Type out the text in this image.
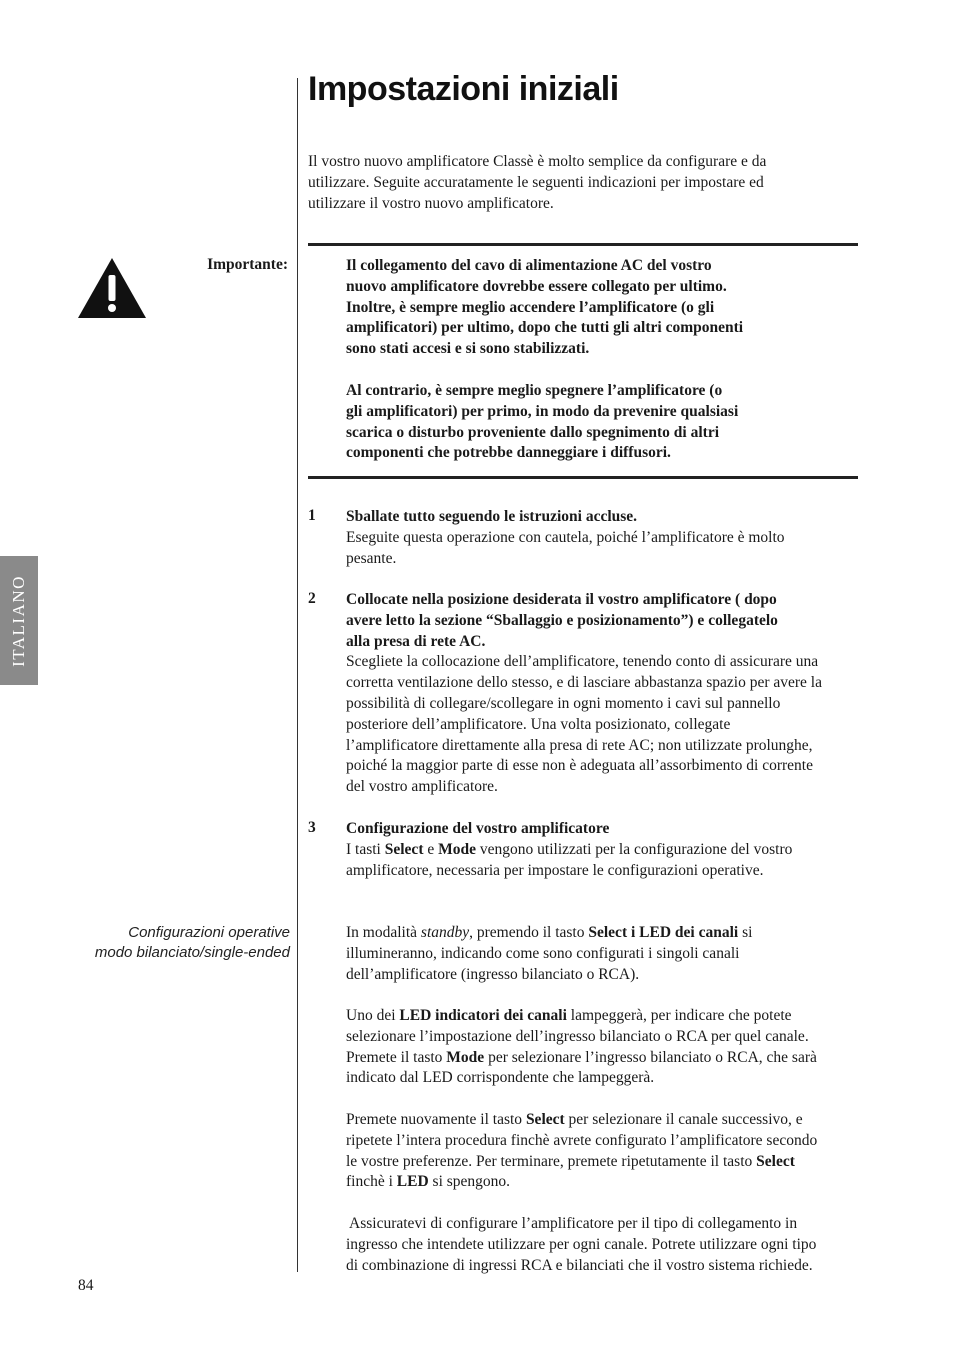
Impostazioni iniziali

Il vostro nuovo amplificatore Classè è molto semplice da configurare e da
utilizzare. Seguite accuratamente le seguenti indicazioni per impostare ed
utilizzare il vostro nuovo amplificatore.

Importante:	Il collegamento del cavo di alimentazione AC del vostro
nuovo amplificatore dovrebbe essere collegato per ultimo.
Inoltre, è sempre meglio accendere l’amplificatore (o gli
amplificatori) per ultimo, dopo che tutti gli altri componenti
sono stati accesi e si sono stabilizzati.

Al contrario, è sempre meglio spegnere l’amplificatore (o
gli amplificatori) per primo, in modo da prevenire qualsiasi
scarica o disturbo proveniente dallo spegnimento di altri
componenti che potrebbe danneggiare i diffusori.

1 Sballate tutto seguendo le istruzioni accluse.
Eseguite questa operazione con cautela, poiché l’amplificatore è molto
pesante.

2 Collocate nella posizione desiderata il vostro amplificatore ( dopo
avere letto la sezione “Sballaggio e posizionamento”) e collegatelo
alla presa di rete AC.
Scegliete la collocazione dell’amplificatore, tenendo conto di assicurare una
corretta ventilazione dello stesso, e di lasciare abbastanza spazio per avere la
possibilità di collegare/scollegare in ogni momento i cavi sul pannello
posteriore dell’amplificatore. Una volta posizionato, collegate
l’amplificatore direttamente alla presa di rete AC; non utilizzate prolunghe,
poiché la maggior parte di esse non è adeguata all’assorbimento di corrente
del vostro amplificatore.

3 Configurazione del vostro amplificatore
I tasti Select e Mode vengono utilizzati per la configurazione del vostro
amplificatore, necessaria per impostare le configurazioni operative.

Configurazioni operative
modo bilanciato/single-ended

In modalità standby, premendo il tasto Select i LED dei canali si
illumineranno, indicando come sono configurati i singoli canali
dell’amplificatore (ingresso bilanciato o RCA).

Uno dei LED indicatori dei canali lampeggerà, per indicare che potete
selezionare l’impostazione dell’ingresso bilanciato o RCA per quel canale.
Premete il tasto Mode per selezionare l’ingresso bilanciato o RCA, che sarà
indicato dal LED corrispondente che lampeggerà.

Premete nuovamente il tasto Select per selezionare il canale successivo, e
ripetete l’intera procedura finchè avrete configurato l’amplificatore secondo
le vostre preferenze. Per terminare, premete ripetutamente il tasto Select
finchè i LED si spengono.

Assicuratevi di configurare l’amplificatore per il tipo di collegamento in
ingresso che intendete utilizzare per ogni canale. Potrete utilizzare ogni tipo
di combinazione di ingressi RCA e bilanciati che il vostro sistema richiede.

ITALIANO
84
